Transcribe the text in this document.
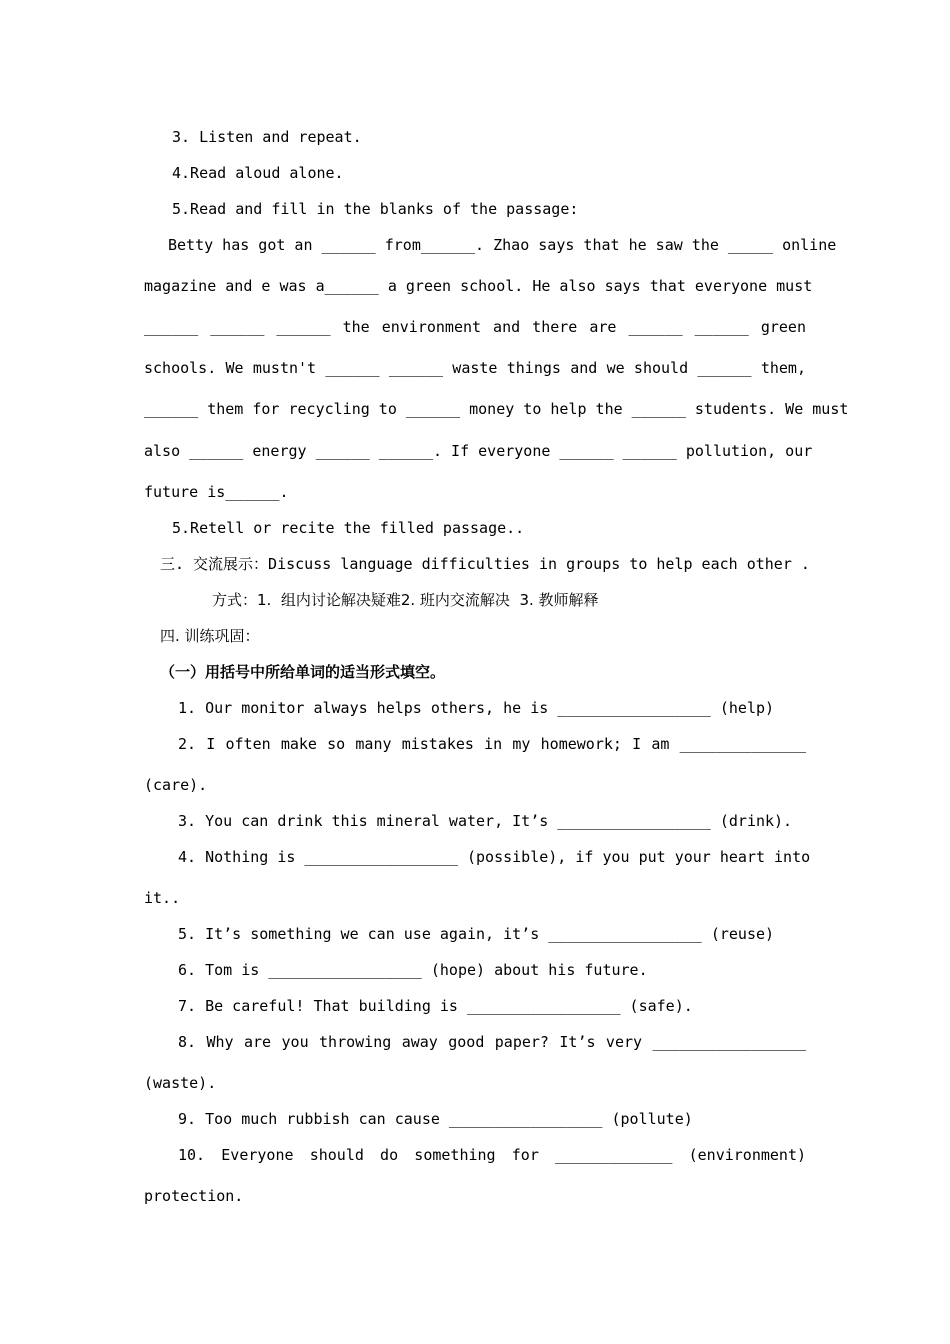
3. Listen and repeat.
4.Read aloud alone.
5.Read and fill in the blanks of the passage:
Betty has got an ______ from______. Zhao says that he saw the _____ online
magazine and e was a______ a green school. He also says that everyone must
______ ______ ______ the environment and there are ______ ______ green
schools. We mustn't ______ ______ waste things and we should ______ them,
______ them for recycling to ______ money to help the ______ students. We must
also ______ energy ______ ______. If everyone ______ ______ pollution, our
future is______.
5.Retell or recite the filled passage..
三. 交流展示：Discuss language difficulties in groups to help each other .
方式：1.  组内讨论解决疑难2. 班内交流解决  3. 教师解释
四. 训练巩固：
（一）用括号中所给单词的适当形式填空。
1. Our monitor always helps others, he is _________________ (help)
2. I often make so many mistakes in my homework; I am ______________
(care).
3. You can drink this mineral water, It’s _________________ (drink).
4. Nothing is _________________ (possible), if you put your heart into
it..
5. It’s something we can use again, it’s _________________ (reuse)
6. Tom is _________________ (hope) about his future.
7. Be careful! That building is _________________ (safe).
8. Why are you throwing away good paper? It’s very _________________
(waste).
9. Too much rubbish can cause _________________ (pollute)
10. Everyone should do something for _____________ (environment)
protection.
